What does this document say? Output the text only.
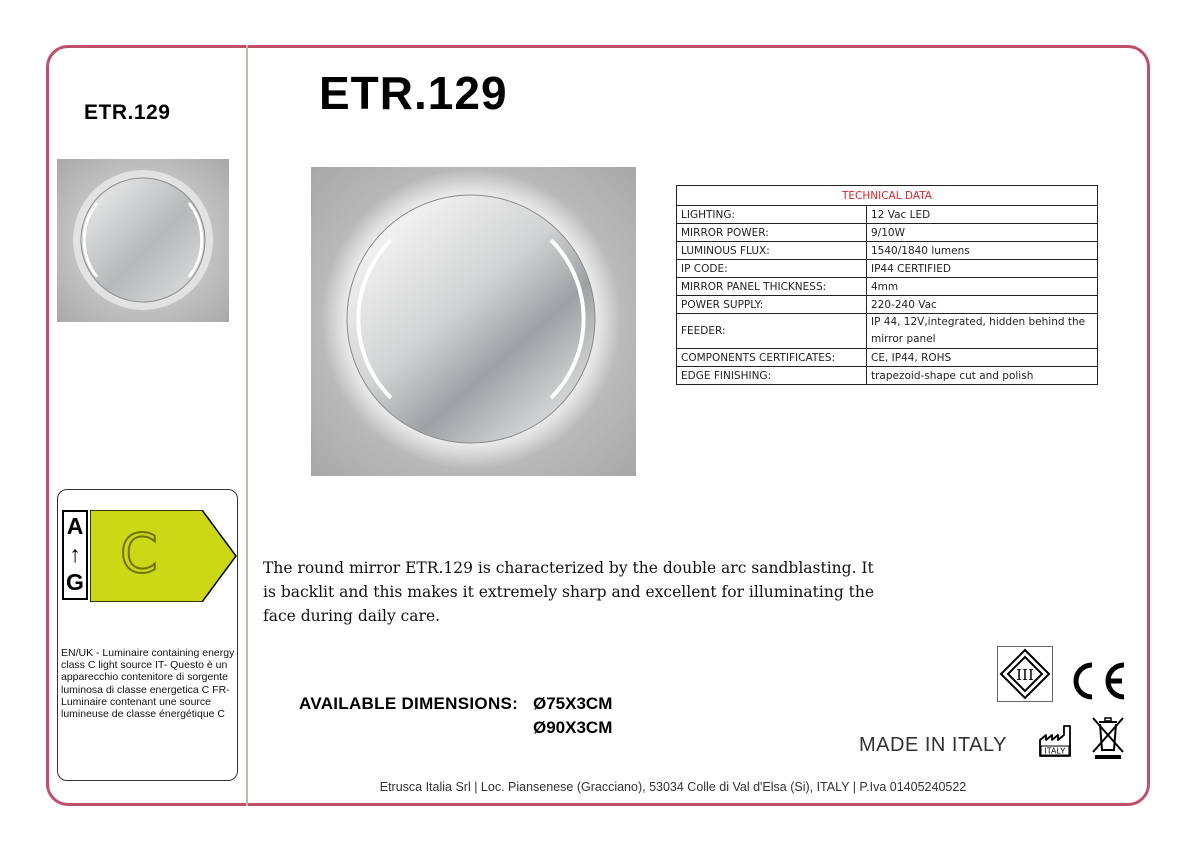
ETR.129
A
↑
G C
EN/UK - Luminaire containing energy class C light source IT- Questo è un apparecchio contenitore di sorgente luminosa di classe energetica C FR- Luminaire contenant une source lumineuse de classe énergétique C
ETR.129
TECHNICAL DATA	
LIGHTING:	12 Vac LED
MIRROR POWER:	9/10W
LUMINOUS FLUX:	1540/1840 lumens
IP CODE:	IP44 CERTIFIED
MIRROR PANEL THICKNESS:	4mm
POWER SUPPLY:	220-240 Vac
FEEDER:	IP 44, 12V,integrated, hidden behind the mirror panel
COMPONENTS CERTIFICATES:	CE, IP44, ROHS
EDGE FINISHING:	trapezoid-shape cut and polish
The round mirror ETR.129 is characterized by the double arc sandblasting. It is backlit and this makes it extremely sharp and excellent for illuminating the face during daily care.
AVAILABLE DIMENSIONS: Ø75X3CM
Ø90X3CM
III
CE
MADE IN ITALY	ITALY
Etrusca Italia Srl | Loc. Piansenese (Gracciano), 53034 Colle di Val d'Elsa (Si), ITALY | P.Iva 01405240522
